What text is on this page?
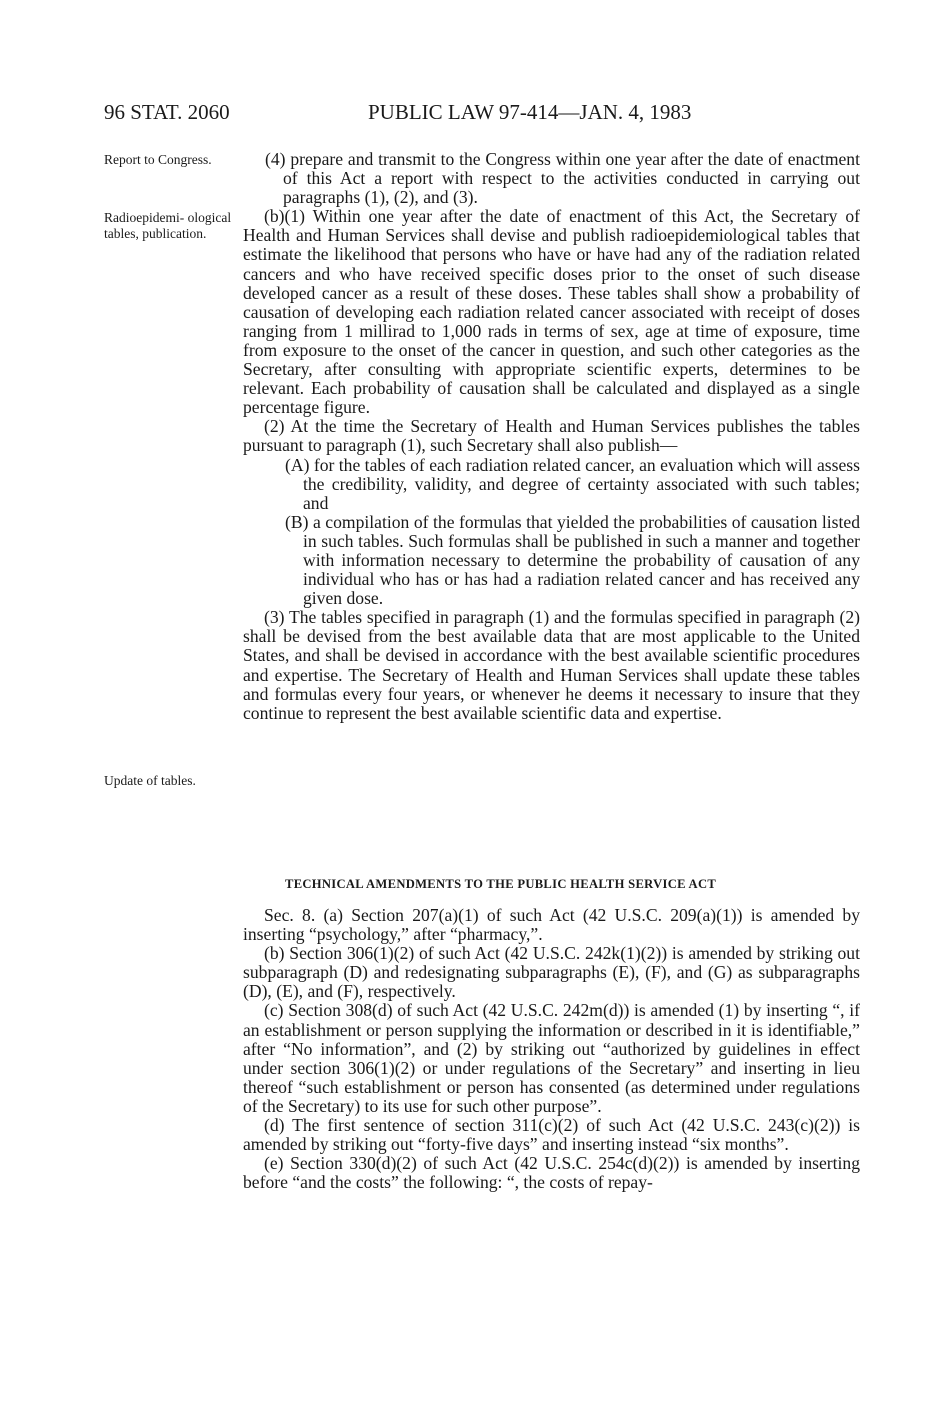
96 STAT. 2060	PUBLIC LAW 97-414—JAN. 4, 1983
Report to Congress.
Radioepidemi- ological tables, publication.
Update of tables.

(4) prepare and transmit to the Congress within one year after the date of enactment of this Act a report with respect to the activities conducted in carrying out paragraphs (1), (2), and (3).

(b)(1) Within one year after the date of enactment of this Act, the Secretary of Health and Human Services shall devise and publish radioepidemiological tables that estimate the likelihood that persons who have or have had any of the radiation related cancers and who have received specific doses prior to the onset of such disease developed cancer as a result of these doses. These tables shall show a probability of causation of developing each radiation related cancer associated with receipt of doses ranging from 1 millirad to 1,000 rads in terms of sex, age at time of exposure, time from exposure to the onset of the cancer in question, and such other categories as the Secretary, after consulting with appropriate scientific experts, determines to be relevant. Each probability of causation shall be calculated and displayed as a single percentage figure.

(2) At the time the Secretary of Health and Human Services publishes the tables pursuant to paragraph (1), such Secretary shall also publish—

(A) for the tables of each radiation related cancer, an evaluation which will assess the credibility, validity, and degree of certainty associated with such tables; and

(B) a compilation of the formulas that yielded the probabilities of causation listed in such tables. Such formulas shall be published in such a manner and together with information necessary to determine the probability of causation of any individual who has or has had a radiation related cancer and has received any given dose.

(3) The tables specified in paragraph (1) and the formulas specified in paragraph (2) shall be devised from the best available data that are most applicable to the United States, and shall be devised in accordance with the best available scientific procedures and expertise. The Secretary of Health and Human Services shall update these tables and formulas every four years, or whenever he deems it necessary to insure that they continue to represent the best available scientific data and expertise.

TECHNICAL AMENDMENTS TO THE PUBLIC HEALTH SERVICE ACT

Sec. 8. (a) Section 207(a)(1) of such Act (42 U.S.C. 209(a)(1)) is amended by inserting “psychology,” after “pharmacy,”.

(b) Section 306(1)(2) of such Act (42 U.S.C. 242k(1)(2)) is amended by striking out subparagraph (D) and redesignating subparagraphs (E), (F), and (G) as subparagraphs (D), (E), and (F), respectively.

(c) Section 308(d) of such Act (42 U.S.C. 242m(d)) is amended (1) by inserting “, if an establishment or person supplying the information or described in it is identifiable,” after “No information”, and (2) by striking out “authorized by guidelines in effect under section 306(1)(2) or under regulations of the Secretary” and inserting in lieu thereof “such establishment or person has consented (as determined under regulations of the Secretary) to its use for such other purpose”.

(d) The first sentence of section 311(c)(2) of such Act (42 U.S.C. 243(c)(2)) is amended by striking out “forty-five days” and inserting instead “six months”.

(e) Section 330(d)(2) of such Act (42 U.S.C. 254c(d)(2)) is amended by inserting before “and the costs” the following: “, the costs of repay-
